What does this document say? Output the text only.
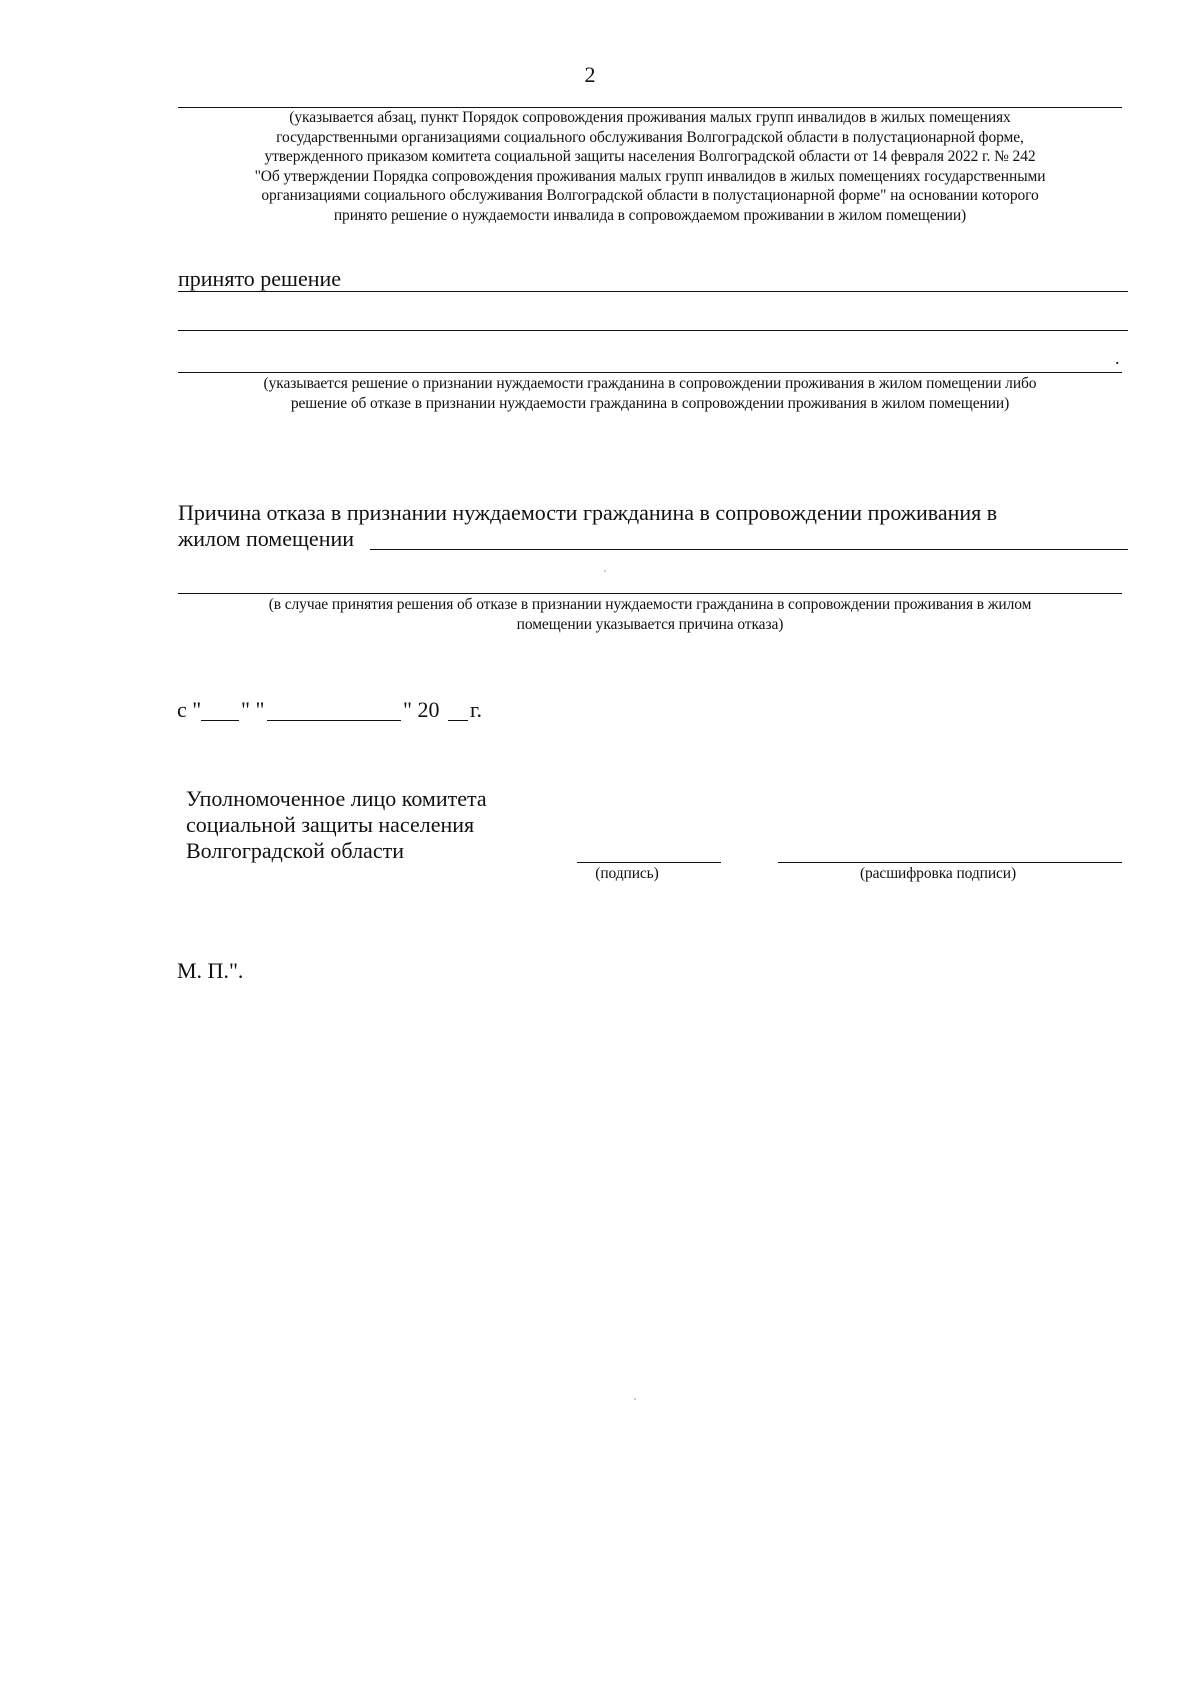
2
(указывается абзац, пункт Порядок сопровождения проживания малых групп инвалидов в жилых помещениях
государственными организациями социального обслуживания Волгоградской области в полустационарной форме,
утвержденного приказом комитета социальной защиты населения Волгоградской области от 14 февраля 2022 г. № 242
"Об утверждении Порядка сопровождения проживания малых групп инвалидов в жилых помещениях государственными
организациями социального обслуживания Волгоградской области в полустационарной форме" на основании которого
принято решение о нуждаемости инвалида в сопровождаемом проживании в жилом помещении)
принято решение
.
(указывается решение о признании нуждаемости гражданина в сопровождении проживания в жилом помещении либо
решение об отказе в признании нуждаемости гражданина в сопровождении проживания в жилом помещении)
Причина отказа в признании нуждаемости гражданина в сопровождении проживания в
жилом помещении
(в случае принятия решения об отказе в признании нуждаемости гражданина в сопровождении проживания в жилом
помещении указывается причина отказа)
с " " "	" 20 г.
Уполномоченное лицо комитета
социальной защиты населения
Волгоградской области
(подпись)	(расшифровка подписи)
М. П.".
